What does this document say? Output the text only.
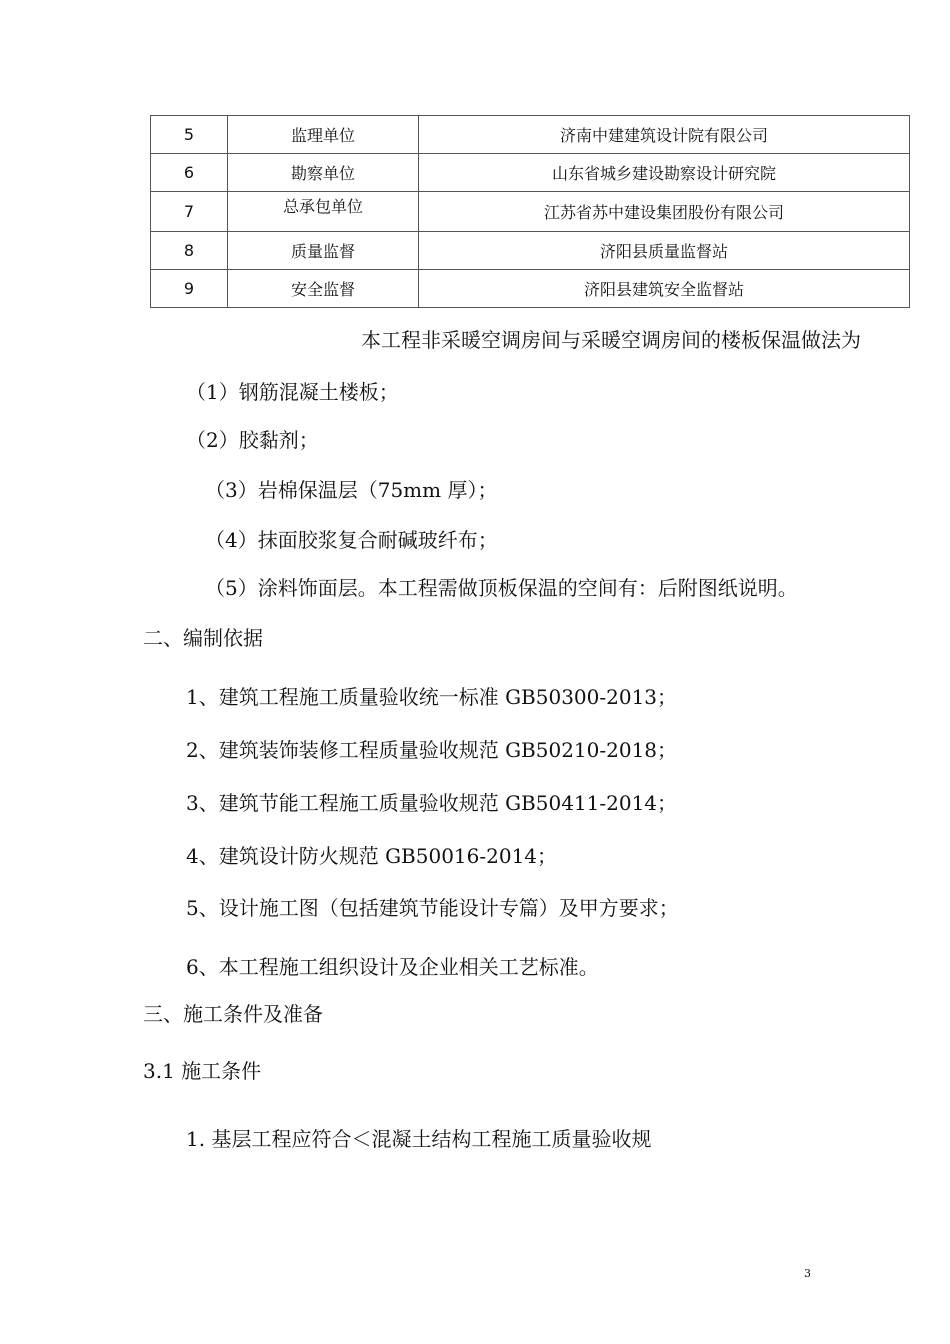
5	监理单位	济南中建建筑设计院有限公司
6	勘察单位	山东省城乡建设勘察设计研究院
7	总承包单位	江苏省苏中建设集团股份有限公司
8	质量监督	济阳县质量监督站
9	安全监督	济阳县建筑安全监督站
本工程非采暖空调房间与采暖空调房间的楼板保温做法为
（1）钢筋混凝土楼板；
（2）胶黏剂；
（3）岩棉保温层（75mm 厚）；
（4）抹面胶浆复合耐碱玻纤布；
（5）涂料饰面层。本工程需做顶板保温的空间有：后附图纸说明。
二、编制依据
1、建筑工程施工质量验收统一标准 GB50300-2013；
2、建筑装饰装修工程质量验收规范 GB50210-2018；
3、建筑节能工程施工质量验收规范 GB50411-2014；
4、建筑设计防火规范 GB50016-2014；
5、设计施工图（包括建筑节能设计专篇）及甲方要求；
6、本工程施工组织设计及企业相关工艺标准。
三、施工条件及准备
3.1 施工条件
1. 基层工程应符合＜混凝土结构工程施工质量验收规
3
